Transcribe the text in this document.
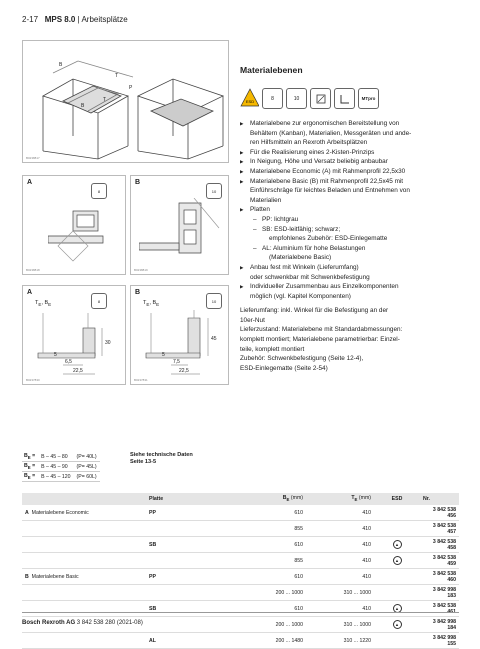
2-17 MPS 8.0 | Arbeitsplätze
B
T
P
B
T
B0238817
A
8
B0238818
B
10
B0238819
A
8
$T_E$, $B_E$
6,5
22,5
30
5
B0237830
B
10
$T_E$, $B_E$
7,5
22,5
45
5
B0237831
Materialebenen
ESD	8	10	MTpro

▶ Materialebene zur ergonomischen Bereitstellung von

Behältern (Kanban), Materialien, Messgeräten und ande-

ren Hilfsmitteln an Rexroth Arbeitsplätzen

▶ Für die Realisierung eines 2-Kisten-Prinzips

▶ In Neigung, Höhe und Versatz beliebig anbaubar

▶ Materialebene Economic (A) mit Rahmenprofil 22,5x30

▶ Materialebene Basic (B) mit Rahmenprofil 22,5x45 mit

Einführschräge für leichtes Beladen und Entnehmen von

Materialien

▶ Platten

– PP: lichtgrau

– SB: ESD-leitfähig; schwarz;

empfohlenes Zubehör: ESD-Einlegematte

– AL: Aluminium für hohe Belastungen

(Materialebene Basic)

▶ Anbau fest mit Winkeln (Lieferumfang)

oder schwenkbar mit Schwenkbefestigung

▶ Individueller Zusammenbau aus Einzelkomponenten

möglich (vgl. Kapitel Komponenten)

Lieferumfang: inkl. Winkel für die Befestigung an der

10er-Nut

Lieferzustand: Materialebene mit Standardabmessungen:

komplett montiert; Materialebene parametrierbar: Einzel-

teile, komplett montiert

Zubehör: Schwenkbefestigung (Seite 12-4),

ESD-Einlegematte (Seite 2-54)

$B_E$ =	B – 45 – 80	(P= 40L)
$B_E$ =	B – 45 – 90	(P= 45L)
$B_E$ =	B – 45 – 120	(P= 60L)
Siehe technische Daten
Seite 13-5
	Platte	$B_E$ (mm)	$T_E$ (mm)	ESD	Nr.
A Materialebene Economic	PP	610	410		3 842 538 456
		855	410		3 842 538 457
	SB	610	410	▲	3 842 538 458
		855	410	▲	3 842 538 459
B Materialebene Basic	PP	610	410		3 842 538 460
		200 ... 1000	310 ... 1000		3 842 998 183
	SB	610	410	▲	3 842 538
		200 ... 1000	310 ... 1000	▲	3 842 998 184
	AL	200 ... 1480	310 ... 1220		3 842 998 155
Bosch Rexroth AG 3 842 538 280 (2021-08)
